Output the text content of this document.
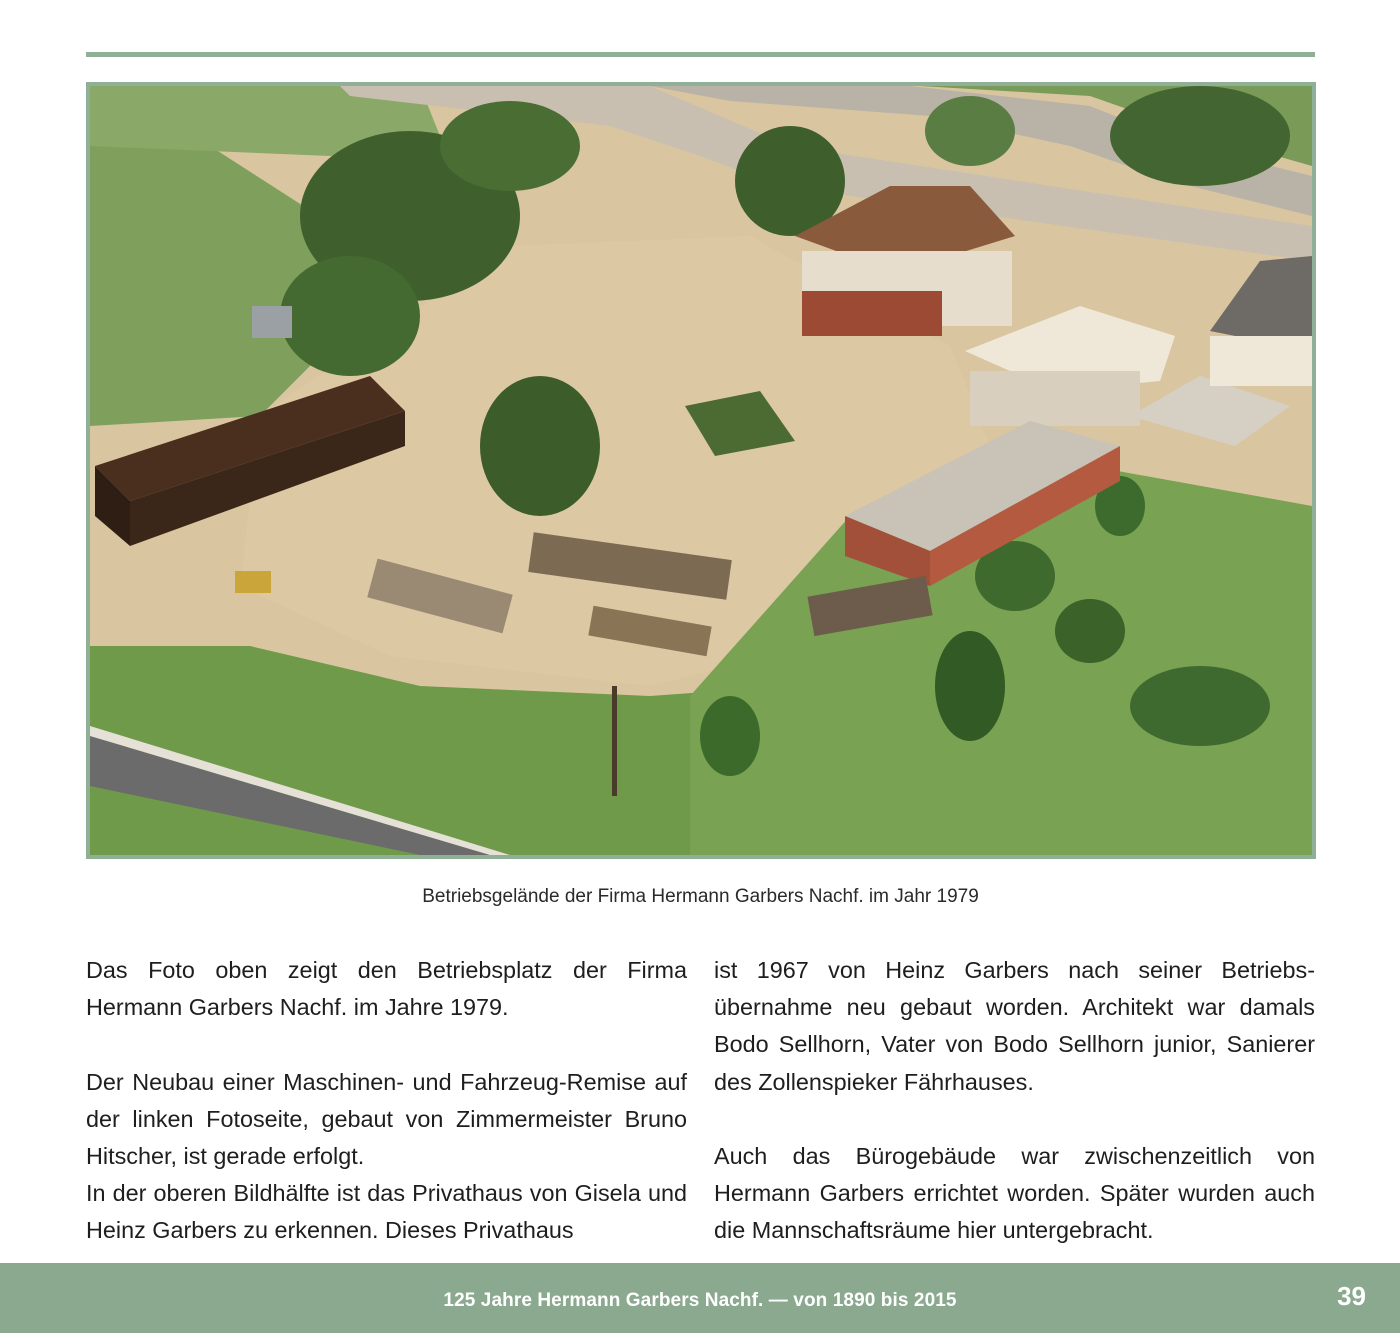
Betriebsgelände der Firma Hermann Garbers Nachf. im Jahr 1979

Das Foto oben zeigt den Betriebsplatz der Firma Hermann Garbers Nachf. im Jahre 1979.

Der Neubau einer Maschinen- und Fahrzeug-Remise auf der linken Fotoseite, gebaut von Zimmermeister Bruno Hitscher, ist gerade erfolgt.

In der oberen Bildhälfte ist das Privathaus von Gisela und Heinz Garbers zu erkennen. Dieses Privathaus

ist 1967 von Heinz Garbers nach seiner Betriebsübernahme neu gebaut worden. Architekt war damals Bodo Sellhorn, Vater von Bodo Sellhorn junior, Sanierer des Zollenspieker Fährhauses.

Auch das Bürogebäude war zwischenzeitlich von Hermann Garbers errichtet worden. Später wurden auch die Mannschaftsräume hier untergebracht.

125 Jahre Hermann Garbers Nachf. — von 1890 bis 2015	39
